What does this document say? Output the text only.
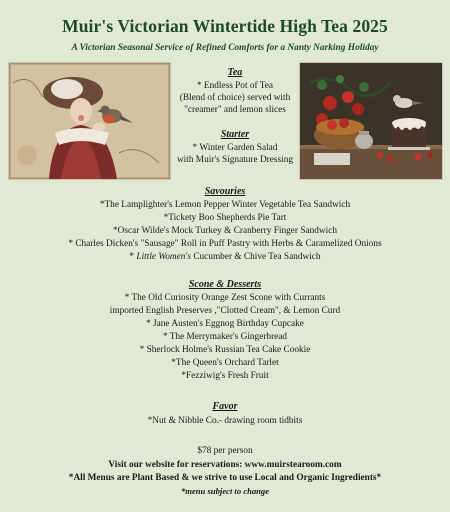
Muir's Victorian Wintertide High Tea 2025
A Victorian Seasonal Service of Refined Comforts for a Nanty Narking Holiday
Tea
* Endless Pot of Tea
(Blend of choice) served with
"creamer" and lemon slices
Starter
* Winter Garden Salad
with Muir's Signature Dressing
Savouries
*The Lamplighter's Lemon Pepper Winter Vegetable Tea Sandwich
*Tickety Boo Shepherds Pie Tart
*Oscar Wilde's Mock Turkey & Cranberry Finger Sandwich
* Charles Dicken's "Sausage" Roll in Puff Pastry with Herbs & Caramelized Onions
* Little Women's Cucumber & Chive Tea Sandwich
Scone & Desserts
* The Old Curiosity Orange Zest Scone with Currants
imported English Preserves ,"Clotted Cream", & Lemon Curd
* Jane Austen's Eggnog Birthday Cupcake
* The Merrymaker's Gingerbread
* Sherlock Holme's Russian Tea Cake Cookie
*The Queen's Orchard Tarlet
*Fezziwig's Fresh Fruit
Favor
*Nut & Nibble Co.- drawing room tidbits
$78 per person
Visit our website for reservations: www.muirstearoom.com
*All Menus are Plant Based & we strive to use Local and Organic Ingredients*
*menu subject to change
